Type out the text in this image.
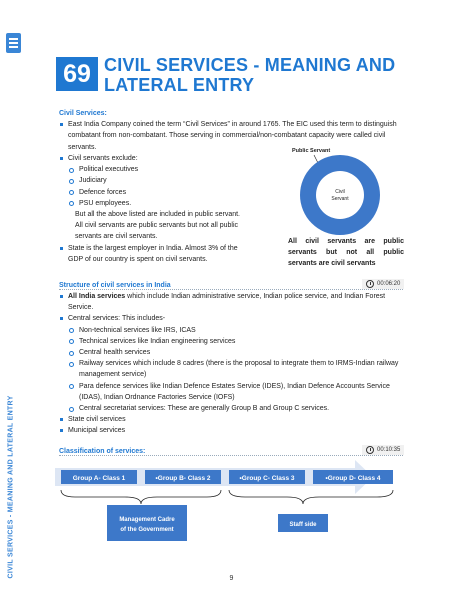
CIVIL SERVICES - MEANING AND LATERAL ENTRY
69 CIVIL SERVICES - MEANING AND
LATERAL ENTRY
Civil Services:
East India Company coined the term “Civil Services” in around 1765. The EIC used this term to distinguish combatant from non-combatant. Those serving in commercial/non-combatant capacity were called civil servants.
Civil servants exclude:
Political executives
Judiciary
Defence forces
PSU employees.
But all the above listed are included in public servant.
All civil servants are public servants but not all public servants are civil servants.
State is the largest employer in India. Almost 3% of the GDP of our country is spent on civil servants.
Public Servant
Civil
Servant
All civil servants are public servants but not all public servants are civil servants
Structure of civil services in India	00:06:20
All India services which include Indian administrative service, Indian police service, and Indian Forest Service.
Central services: This includes-
Non-technical services like IRS, ICAS
Technical services like Indian engineering services
Central health services
Railway services which include 8 cadres (there is the proposal to integrate them to IRMS-Indian railway management service)
Para defence services like Indian Defence Estates Service (IDES), Indian Defence Accounts Service (IDAS), Indian Ordnance Factories Service (IOFS)
Central secretariat services: These are generally Group B and Group C services.
State civil services
Municipal services
Classification of services:	00:10:35
Group A- Class 1	•Group B- Class 2	•Group C- Class 3	•Group D- Class 4
Management Cadre
of the Government
Staff side
9
